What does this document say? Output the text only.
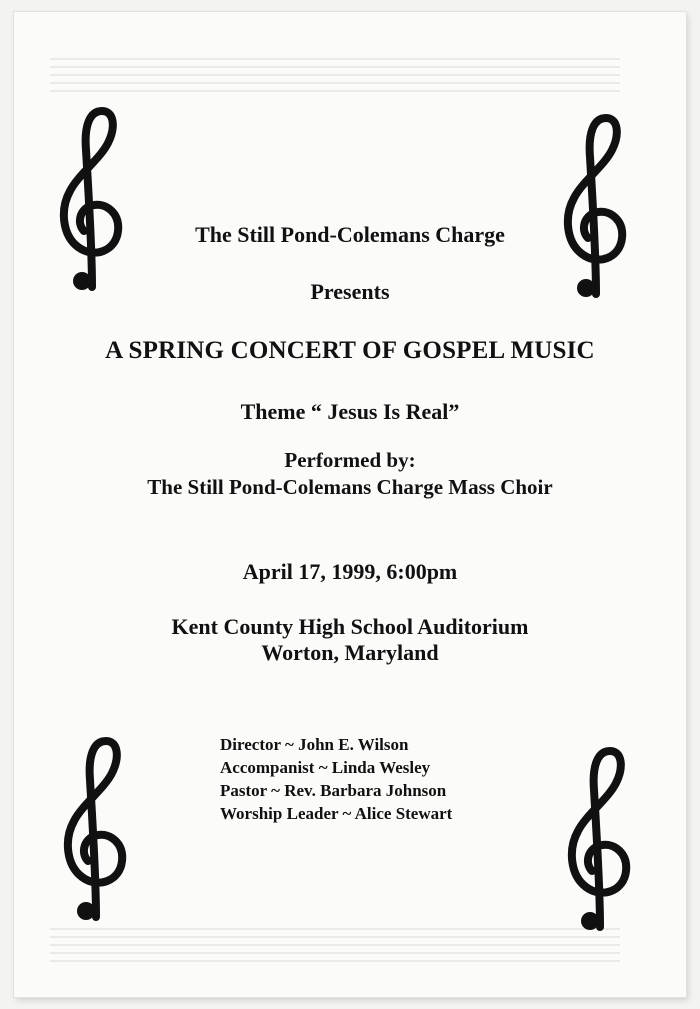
The Still Pond-Colemans Charge
Presents
A SPRING CONCERT OF GOSPEL MUSIC
Theme “ Jesus Is Real”
Performed by:
The Still Pond-Colemans Charge Mass Choir
April 17, 1999, 6:00pm
Kent County High School Auditorium
Worton, Maryland
Director ~ John E. Wilson
Accompanist ~ Linda Wesley
Pastor ~ Rev. Barbara Johnson
Worship Leader ~ Alice Stewart
